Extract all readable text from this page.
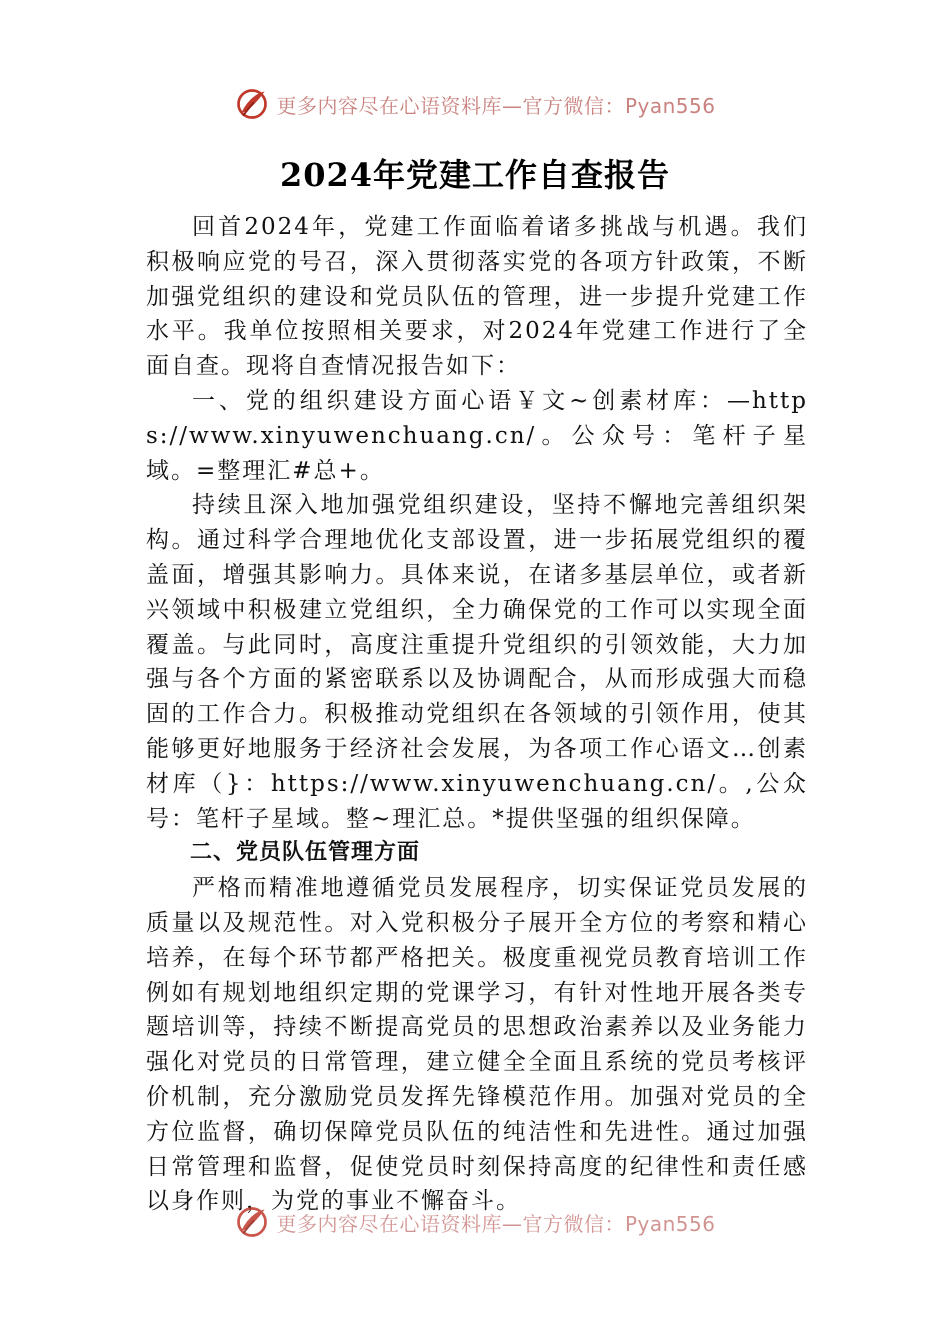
更多内容尽在心语资料库—官方微信：Pyan556
2024年党建工作自查报告

回首2024年，党建工作面临着诸多挑战与机遇。我们积极响应党的号召，深入贯彻落实党的各项方针政策，不断加强党组织的建设和党员队伍的管理，进一步提升党建工作水平。我单位按照相关要求，对2024年党建工作进行了全面自查。现将自查情况报告如下：

一、党的组织建设方面心语￥文~创素材库：—https://www.xinyuwenchuang.cn/。公众号：笔杆子星域。=整理汇#总+。

持续且深入地加强党组织建设，坚持不懈地完善组织架构。通过科学合理地优化支部设置，进一步拓展党组织的覆盖面，增强其影响力。具体来说，在诸多基层单位，或者新兴领域中积极建立党组织，全力确保党的工作可以实现全面覆盖。与此同时，高度注重提升党组织的引领效能，大力加强与各个方面的紧密联系以及协调配合，从而形成强大而稳固的工作合力。积极推动党组织在各领域的引领作用，使其能够更好地服务于经济社会发展，为各项工作心语文…创素材库（}：https://www.xinyuwenchuang.cn/。,公众号：笔杆子星域。整~理汇总。*提供坚强的组织保障。

二、党员队伍管理方面

严格而精准地遵循党员发展程序，切实保证党员发展的质量以及规范性。对入党积极分子展开全方位的考察和精心培养，在每个环节都严格把关。极度重视党员教育培训工作例如有规划地组织定期的党课学习，有针对性地开展各类专题培训等，持续不断提高党员的思想政治素养以及业务能力强化对党员的日常管理，建立健全全面且系统的党员考核评价机制，充分激励党员发挥先锋模范作用。加强对党员的全方位监督，确切保障党员队伍的纯洁性和先进性。通过加强日常管理和监督，促使党员时刻保持高度的纪律性和责任感以身作则，为党的事业不懈奋斗。

更多内容尽在心语资料库—官方微信：Pyan556
